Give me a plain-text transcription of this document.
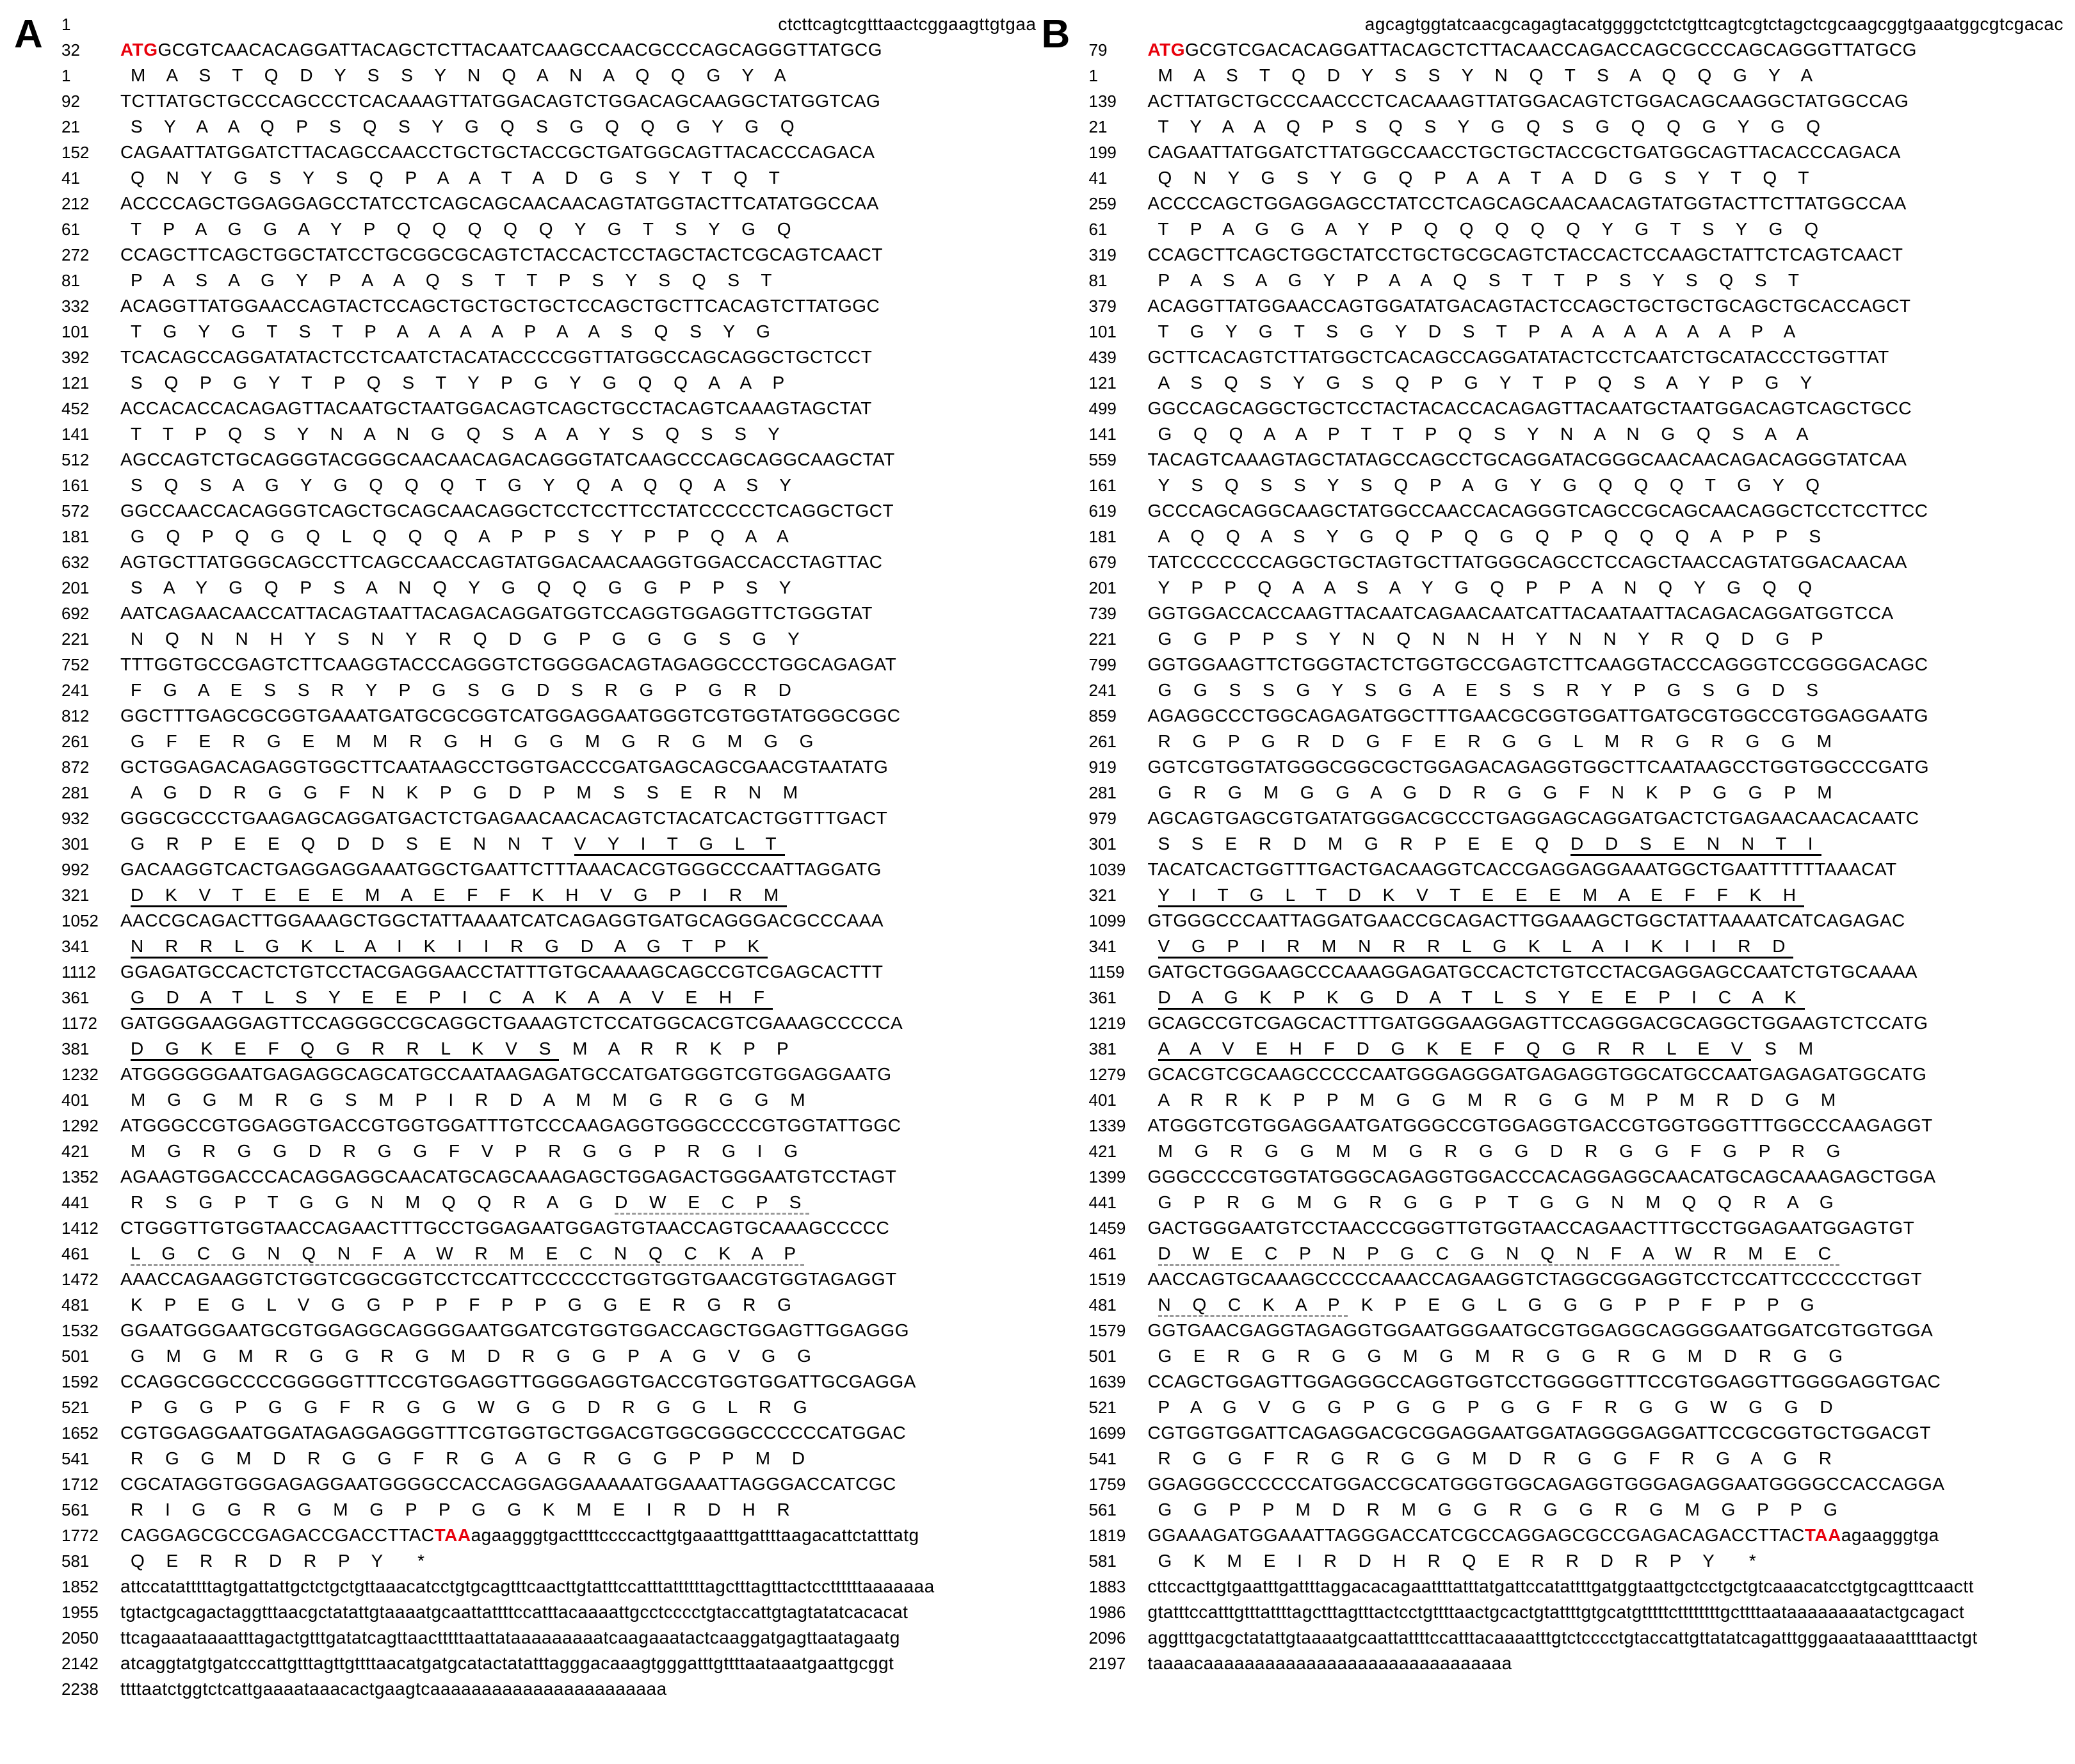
A 1	ctcttcagtcgtttaactcggaagttgtgaa
32
1
ATGGCGTCAACACAGGATTACAGCTCTTACAATCAAGCCAACGCCCAGCAGGGTTATGCG
M A S T Q D Y S S Y N Q A N A Q Q G Y A
92
21
TCTTATGCTGCCCAGCCCTCACAAAGTTATGGACAGTCTGGACAGCAAGGCTATGGTCAG
S Y A A Q P S Q S Y G Q S G Q Q G Y G Q
152
41
CAGAATTATGGATCTTACAGCCAACCTGCTGCTACCGCTGATGGCAGTTACACCCAGACA
Q N Y G S Y S Q P A A T A D G S Y T Q T
212
61
ACCCCAGCTGGAGGAGCCTATCCTCAGCAGCAACAACAGTATGGTACTTCATATGGCCAA
T P A G G A Y P Q Q Q Q Q Y G T S Y G Q
272
81
CCAGCTTCAGCTGGCTATCCTGCGGCGCAGTCTACCACTCCTAGCTACTCGCAGTCAACT
P A S A G Y P A A Q S T T P S Y S Q S T
332
101
ACAGGTTATGGAACCAGTACTCCAGCTGCTGCTGCTCCAGCTGCTTCACAGTCTTATGGC
T G Y G T S T P A A A A P A A S Q S Y G
392
121
TCACAGCCAGGATATACTCCTCAATCTACATACCCCGGTTATGGCCAGCAGGCTGCTCCT
S Q P G Y T P Q S T Y P G Y G Q Q A A P
452
141
ACCACACCACAGAGTTACAATGCTAATGGACAGTCAGCTGCCTACAGTCAAAGTAGCTAT
T T P Q S Y N A N G Q S A A Y S Q S S Y
512
161
AGCCAGTCTGCAGGGTACGGGCAACAACAGACAGGGTATCAAGCCCAGCAGGCAAGCTAT
S Q S A G Y G Q Q Q T G Y Q A Q Q A S Y
572
181
GGCCAACCACAGGGTCAGCTGCAGCAACAGGCTCCTCCTTCCTATCCCCCTCAGGCTGCT
G Q P Q G Q L Q Q Q A P P S Y P P Q A A
632
201
AGTGCTTATGGGCAGCCTTCAGCCAACCAGTATGGACAACAAGGTGGACCACCTAGTTAC
S A Y G Q P S A N Q Y G Q Q G G P P S Y
692
221
AATCAGAACAACCATTACAGTAATTACAGACAGGATGGTCCAGGTGGAGGTTCTGGGTAT
N Q N N H Y S N Y R Q D G P G G G S G Y
752
241
TTTGGTGCCGAGTCTTCAAGGTACCCAGGGTCTGGGGACAGTAGAGGCCCTGGCAGAGAT
F G A E S S R Y P G S G D S R G P G R D
812
261
GGCTTTGAGCGCGGTGAAATGATGCGCGGTCATGGAGGAATGGGTCGTGGTATGGGCGGC
G F E R G E M M R G H G G M G R G M G G
872
281
GCTGGAGACAGAGGTGGCTTCAATAAGCCTGGTGACCCGATGAGCAGCGAACGTAATATG
A G D R G G F N K P G D P M S S E R N M
932
301
GGGCGCCCTGAAGAGCAGGATGACTCTGAGAACAACACAGTCTACATCACTGGTTTGACT
G R P E E Q D D S E N N T V Y I T G L T
992
321
GACAAGGTCACTGAGGAGGAAATGGCTGAATTCTTTAAACACGTGGGCCCAATTAGGATG
D K V T E E E M A E F F K H V G P I R M
1052
341
AACCGCAGACTTGGAAAGCTGGCTATTAAAATCATCAGAGGTGATGCAGGGACGCCCAAA
N R R L G K L A I K I I R G D A G T P K
1112
361
GGAGATGCCACTCTGTCCTACGAGGAACCTATTTGTGCAAAAGCAGCCGTCGAGCACTTT
G D A T L S Y E E P I C A K A A V E H F
1172
381
GATGGGAAGGAGTTCCAGGGCCGCAGGCTGAAAGTCTCCATGGCACGTCGAAAGCCCCCA
D G K E F Q G R R L K V S M A R R K P P
1232
401
ATGGGGGGAATGAGAGGCAGCATGCCAATAAGAGATGCCATGATGGGTCGTGGAGGAATG
M G G M R G S M P I R D A M M G R G G M
1292
421
ATGGGCCGTGGAGGTGACCGTGGTGGATTTGTCCCAAGAGGTGGGCCCCGTGGTATTGGC
M G R G G D R G G F V P R G G P R G I G
1352
441
AGAAGTGGACCCACAGGAGGCAACATGCAGCAAAGAGCTGGAGACTGGGAATGTCCTAGT
R S G P T G G N M Q Q R A G D W E C P S
1412
461
CTGGGTTGTGGTAACCAGAACTTTGCCTGGAGAATGGAGTGTAACCAGTGCAAAGCCCCC
L G C G N Q N F A W R M E C N Q C K A P
1472
481
AAACCAGAAGGTCTGGTCGGCGGTCCTCCATTCCCCCCTGGTGGTGAACGTGGTAGAGGT
K P E G L V G G P P F P P G G E R G R G
1532
501
GGAATGGGAATGCGTGGAGGCAGGGGAATGGATCGTGGTGGACCAGCTGGAGTTGGAGGG
G M G M R G G R G M D R G G P A G V G G
1592
521
CCAGGCGGCCCCGGGGGTTTCCGTGGAGGTTGGGGAGGTGACCGTGGTGGATTGCGAGGA
P G G P G G F R G G W G G D R G G L R G
1652
541
CGTGGAGGAATGGATAGAGGAGGGTTTCGTGGTGCTGGACGTGGCGGGCCCCCCATGGAC
R G G M D R G G F R G A G R G G P P M D
1712
561
CGCATAGGTGGGAGAGGAATGGGGCCACCAGGAGGAAAAATGGAAATTAGGGACCATCGC
R I G G R G M G P P G G K M E I R D H R
1772
581
CAGGAGCGCCGAGACCGACCTTACTAAagaagggtgacttttccccacttgtgaaatttgattttaagacattctatttatg
Q E R R D R P Y  *
1852	attccatatttttagtgattattgctctgctgttaaacatcctgtgcagtttcaacttgtatttccatttattttttagctttagtttactccttttttaaaaaaa
1955	tgtactgcagactaggtttaacgctatattgtaaaatgcaattattttccatttacaaaattgcctcccctgtaccattgtagtatatcacacat
2050	ttcagaaataaaatttagactgtttgatatcagttaactttttaattataaaaaaaaatcaagaaatactcaaggatgagttaatagaatg
2142	atcaggtatgtgatcccattgtttagttgttttaacatgatgcatactatatttagggacaaagtgggatttgttttaataaatgaattgcggt
2238	ttttaatctggtctcattgaaaataaacactgaagtcaaaaaaaaaaaaaaaaaaaaaaa
B	agcagtggtatcaacgcagagtacatggggctctctgttcagtcgtctagctcgcaagcggtgaaatggcgtcgacac
79
1
ATGGCGTCGACACAGGATTACAGCTCTTACAACCAGACCAGCGCCCAGCAGGGTTATGCG
M A S T Q D Y S S Y N Q T S A Q Q G Y A
139
21
ACTTATGCTGCCCAACCCTCACAAAGTTATGGACAGTCTGGACAGCAAGGCTATGGCCAG
T Y A A Q P S Q S Y G Q S G Q Q G Y G Q
199
41
CAGAATTATGGATCTTATGGCCAACCTGCTGCTACCGCTGATGGCAGTTACACCCAGACA
Q N Y G S Y G Q P A A T A D G S Y T Q T
259
61
ACCCCAGCTGGAGGAGCCTATCCTCAGCAGCAACAACAGTATGGTACTTCTTATGGCCAA
T P A G G A Y P Q Q Q Q Q Y G T S Y G Q
319
81
CCAGCTTCAGCTGGCTATCCTGCTGCGCAGTCTACCACTCCAAGCTATTCTCAGTCAACT
P A S A G Y P A A Q S T T P S Y S Q S T
379
101
ACAGGTTATGGAACCAGTGGATATGACAGTACTCCAGCTGCTGCTGCAGCTGCACCAGCT
T G Y G T S G Y D S T P A A A A A A P A
439
121
GCTTCACAGTCTTATGGCTCACAGCCAGGATATACTCCTCAATCTGCATACCCTGGTTAT
A S Q S Y G S Q P G Y T P Q S A Y P G Y
499
141
GGCCAGCAGGCTGCTCCTACTACACCACAGAGTTACAATGCTAATGGACAGTCAGCTGCC
G Q Q A A P T T P Q S Y N A N G Q S A A
559
161
TACAGTCAAAGTAGCTATAGCCAGCCTGCAGGATACGGGCAACAACAGACAGGGTATCAA
Y S Q S S Y S Q P A G Y G Q Q Q T G Y Q
619
181
GCCCAGCAGGCAAGCTATGGCCAACCACAGGGTCAGCCGCAGCAACAGGCTCCTCCTTCC
A Q Q A S Y G Q P Q G Q P Q Q Q A P P S
679
201
TATCCCCCCCAGGCTGCTAGTGCTTATGGGCAGCCTCCAGCTAACCAGTATGGACAACAA
Y P P Q A A S A Y G Q P P A N Q Y G Q Q
739
221
GGTGGACCACCAAGTTACAATCAGAACAATCATTACAATAATTACAGACAGGATGGTCCA
G G P P S Y N Q N N H Y N N Y R Q D G P
799
241
GGTGGAAGTTCTGGGTACTCTGGTGCCGAGTCTTCAAGGTACCCAGGGTCCGGGGACAGC
G G S S G Y S G A E S S R Y P G S G D S
859
261
AGAGGCCCTGGCAGAGATGGCTTTGAACGCGGTGGATTGATGCGTGGCCGTGGAGGAATG
R G P G R D G F E R G G L M R G R G G M
919
281
GGTCGTGGTATGGGCGGCGCTGGAGACAGAGGTGGCTTCAATAAGCCTGGTGGCCCGATG
G R G M G G A G D R G G F N K P G G P M
979
301
AGCAGTGAGCGTGATATGGGACGCCCTGAGGAGCAGGATGACTCTGAGAACAACACAATC
S S E R D M G R P E E Q D D S E N N T I
1039
321
TACATCACTGGTTTGACTGACAAGGTCACCGAGGAGGAAATGGCTGAATTTTTTAAACAT
Y I T G L T D K V T E E E M A E F F K H
1099
341
GTGGGCCCAATTAGGATGAACCGCAGACTTGGAAAGCTGGCTATTAAAATCATCAGAGAC
V G P I R M N R R L G K L A I K I I R D
1159
361
GATGCTGGGAAGCCCAAAGGAGATGCCACTCTGTCCTACGAGGAGCCAATCTGTGCAAAA
D A G K P K G D A T L S Y E E P I C A K
1219
381
GCAGCCGTCGAGCACTTTGATGGGAAGGAGTTCCAGGGACGCAGGCTGGAAGTCTCCATG
A A V E H F D G K E F Q G R R L E V S M
1279
401
GCACGTCGCAAGCCCCCAATGGGAGGGATGAGAGGTGGCATGCCAATGAGAGATGGCATG
A R R K P P M G G M R G G M P M R D G M
1339
421
ATGGGTCGTGGAGGAATGATGGGCCGTGGAGGTGACCGTGGTGGGTTTGGCCCAAGAGGT
M G R G G M M G R G G D R G G F G P R G
1399
441
GGGCCCCGTGGTATGGGCAGAGGTGGACCCACAGGAGGCAACATGCAGCAAAGAGCTGGA
G P R G M G R G G P T G G N M Q Q R A G
1459
461
GACTGGGAATGTCCTAACCCGGGTTGTGGTAACCAGAACTTTGCCTGGAGAATGGAGTGT
D W E C P N P G C G N Q N F A W R M E C
1519
481
AACCAGTGCAAAGCCCCCAAACCAGAAGGTCTAGGCGGAGGTCCTCCATTCCCCCCTGGT
N Q C K A P K P E G L G G G P P F P P G
1579
501
GGTGAACGAGGTAGAGGTGGAATGGGAATGCGTGGAGGCAGGGGAATGGATCGTGGTGGA
G E R G R G G M G M R G G R G M D R G G
1639
521
CCAGCTGGAGTTGGAGGGCCAGGTGGTCCTGGGGGTTTCCGTGGAGGTTGGGGAGGTGAC
P A G V G G P G G P G G F R G G W G G D
1699
541
CGTGGTGGATTCAGAGGACGCGGAGGAATGGATAGGGGAGGATTCCGCGGTGCTGGACGT
R G G F R G R G G M D R G G F R G A G R
1759
561
GGAGGGCCCCCCATGGACCGCATGGGTGGCAGAGGTGGGAGAGGAATGGGGCCACCAGGA
G G P P M D R M G G R G G R G M G P P G
1819
581
GGAAAGATGGAAATTAGGGACCATCGCCAGGAGCGCCGAGACAGACCTTACTAAagaagggtga
G K M E I R D H R Q E R R D R P Y  *
1883	cttccacttgtgaatttgattttaggacacagaattttatttatgattccatattttgatggtaattgctcctgctgtcaaacatcctgtgcagtttcaactt
1986	gtatttccatttgtttattttagctttagtttactcctgttttaactgcactgtattttgtgcatgtttttcttttttttgcttttaataaaaaaaatactgcagact
2096	aggtttgacgctatattgtaaaatgcaattattttccatttacaaaatttgtctcccctgtaccattgttatatcagatttgggaaataaaattttaactgt
2197	taaaacaaaaaaaaaaaaaaaaaaaaaaaaaaaaaa
